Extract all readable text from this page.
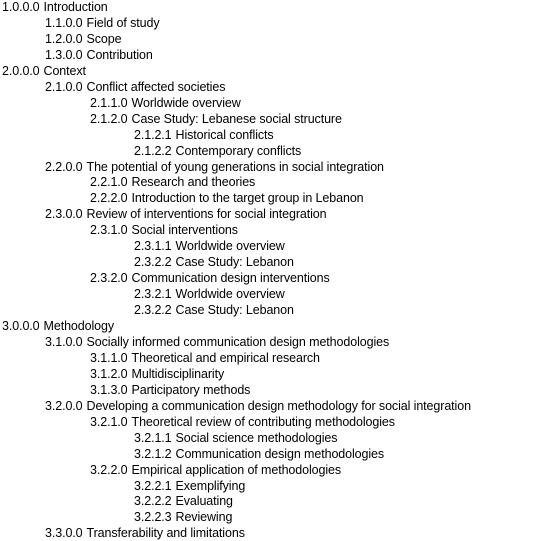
1.0.0.0 Introduction
1.1.0.0 Field of study
1.2.0.0 Scope
1.3.0.0 Contribution
2.0.0.0 Context
2.1.0.0 Conflict affected societies
2.1.1.0 Worldwide overview
2.1.2.0 Case Study: Lebanese social structure
2.1.2.1 Historical conflicts
2.1.2.2 Contemporary conflicts
2.2.0.0 The potential of young generations in social integration
2.2.1.0 Research and theories
2.2.2.0 Introduction to the target group in Lebanon
2.3.0.0 Review of interventions for social integration
2.3.1.0 Social interventions
2.3.1.1 Worldwide overview
2.3.2.2 Case Study: Lebanon
2.3.2.0 Communication design interventions
2.3.2.1 Worldwide overview
2.3.2.2 Case Study: Lebanon
3.0.0.0 Methodology
3.1.0.0 Socially informed communication design methodologies
3.1.1.0 Theoretical and empirical research
3.1.2.0 Multidisciplinarity
3.1.3.0 Participatory methods
3.2.0.0 Developing a communication design methodology for social integration
3.2.1.0 Theoretical review of contributing methodologies
3.2.1.1 Social science methodologies
3.2.1.2 Communication design methodologies
3.2.2.0 Empirical application of methodologies
3.2.2.1 Exemplifying
3.2.2.2 Evaluating
3.2.2.3 Reviewing
3.3.0.0 Transferability and limitations
